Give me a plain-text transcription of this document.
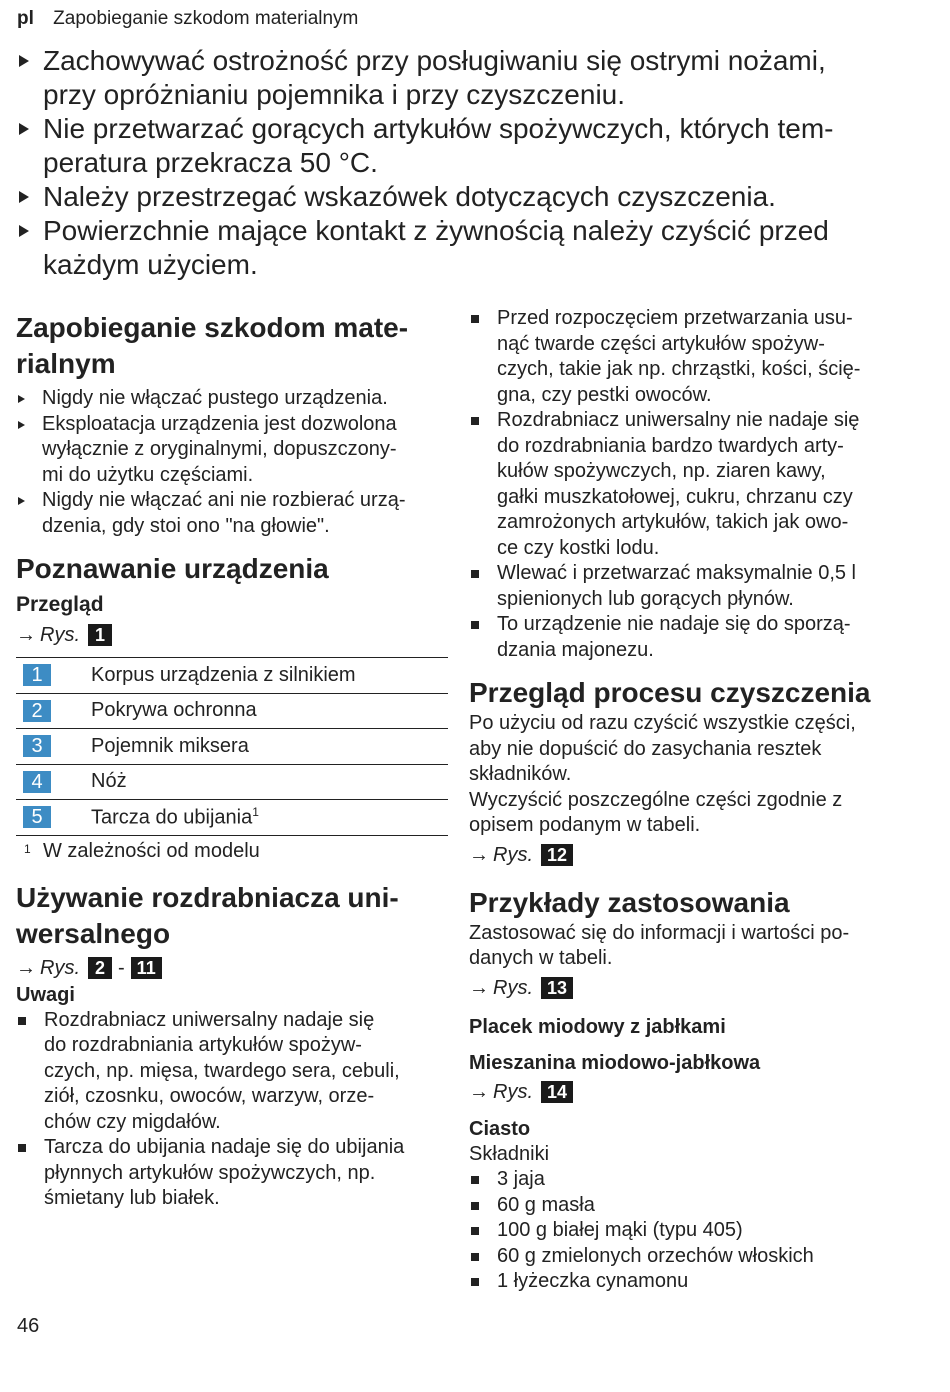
pl Zapobieganie szkodom materialnym
Zachowywać ostrożność przy posługiwaniu się ostrymi nożami,
przy opróżnianiu pojemnika i przy czyszczeniu.
Nie przetwarzać gorących artykułów spożywczych, których tem-
peratura przekracza 50 °C.
Należy przestrzegać wskazówek dotyczących czyszczenia.
Powierzchnie mające kontakt z żywnością należy czyścić przed
każdym użyciem.
Zapobieganie szkodom mate-
rialnym
Nigdy nie włączać pustego urządzenia.
Eksploatacja urządzenia jest dozwolona
wyłącznie z oryginalnymi, dopuszczony-
mi do użytku częściami.
Nigdy nie włączać ani nie rozbierać urzą-
dzenia, gdy stoi ono "na głowie".
Poznawanie urządzenia
Przegląd
→ Rys. 1
1	Korpus urządzenia z silnikiem
2	Pokrywa ochronna
3	Pojemnik miksera
4	Nóż
5	Tarcza do ubijania$^1$
1 W zależności od modelu
Używanie rozdrabniacza uni-
wersalnego
→ Rys. 2 - 11
Uwagi
Rozdrabniacz uniwersalny nadaje się
do rozdrabniania artykułów spożyw-
czych, np. mięsa, twardego sera, cebuli,
ziół, czosnku, owoców, warzyw, orze-
chów czy migdałów.
Tarcza do ubijania nadaje się do ubijania
płynnych artykułów spożywczych, np.
śmietany lub białek.
Przed rozpoczęciem przetwarzania usu-
nąć twarde części artykułów spożyw-
czych, takie jak np. chrząstki, kości, ścię-
gna, czy pestki owoców.
Rozdrabniacz uniwersalny nie nadaje się
do rozdrabniania bardzo twardych arty-
kułów spożywczych, np. ziaren kawy,
gałki muszkatołowej, cukru, chrzanu czy
zamrożonych artykułów, takich jak owo-
ce czy kostki lodu.
Wlewać i przetwarzać maksymalnie 0,5 l
spienionych lub gorących płynów.
To urządzenie nie nadaje się do sporzą-
dzania majonezu.
Przegląd procesu czyszczenia
Po użyciu od razu czyścić wszystkie części,
aby nie dopuścić do zasychania resztek
składników.
Wyczyścić poszczególne części zgodnie z
opisem podanym w tabeli.
→ Rys. 12
Przykłady zastosowania
Zastosować się do informacji i wartości po-
danych w tabeli.
→ Rys. 13
Placek miodowy z jabłkami
Mieszanina miodowo-jabłkowa
→ Rys. 14
Ciasto
Składniki
3 jaja
60 g masła
100 g białej mąki (typu 405)
60 g zmielonych orzechów włoskich
1 łyżeczka cynamonu
46
